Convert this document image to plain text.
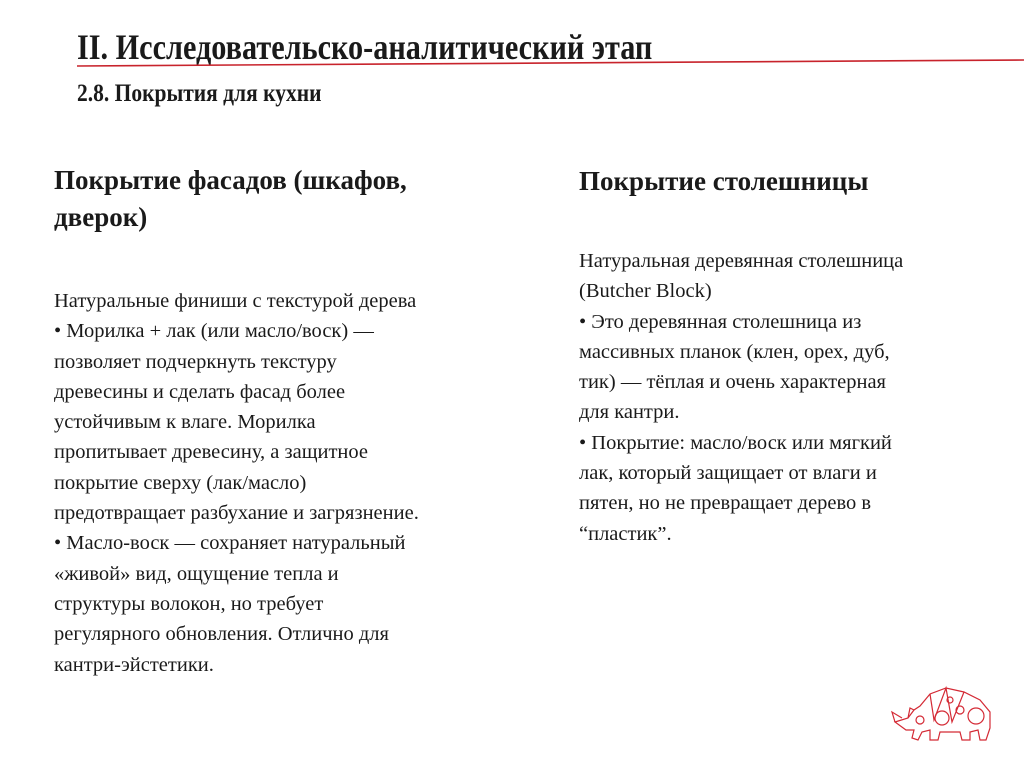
II. Исследовательско-аналитический этап
2.8. Покрытия для кухни
Покрытие фасадов (шкафов,
дверок)

Натуральные финиши с текстурой дерева
• Морилка + лак (или масло/воск) —
позволяет подчеркнуть текстуру
древесины и сделать фасад более
устойчивым к влаге. Морилка
пропитывает древесину, а защитное
покрытие сверху (лак/масло)
предотвращает разбухание и загрязнение.
• Масло-воск — сохраняет натуральный
«живой» вид, ощущение тепла и
структуры волокон, но требует
регулярного обновления. Отлично для
кантри-эйстетики.

Покрытие столешницы

Натуральная деревянная столешница
(Butcher Block)
• Это деревянная столешница из
массивных планок (клен, орех, дуб,
тик) — тёплая и очень характерная
для кантри.
• Покрытие: масло/воск или мягкий
лак, который защищает от влаги и
пятен, но не превращает дерево в
“пластик”.
